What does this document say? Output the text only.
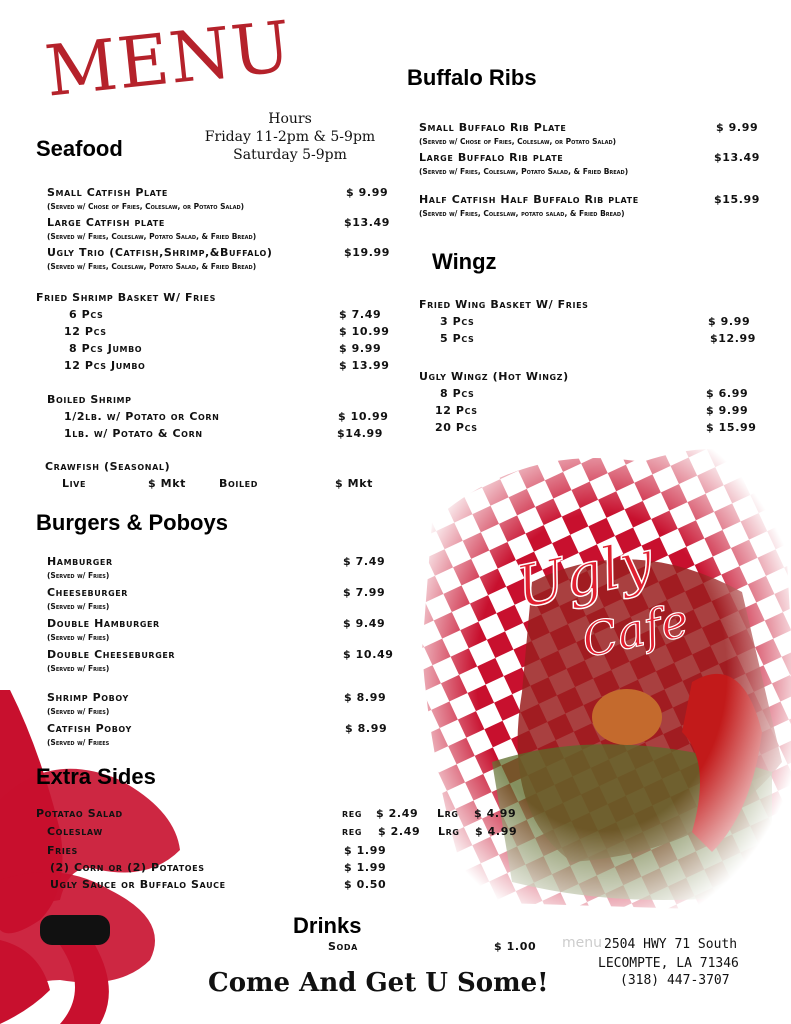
menu
MENU
Hours
Friday 11-2pm & 5-9pm
Saturday 5-9pm
Seafood
Small Catfish Plate	$ 9.99
(Served w/ Chose of Fries, Coleslaw, or Potato Salad)
Large Catfish plate	$13.49
(Served w/ Fries, Coleslaw, Potato Salad, & Fried Bread)
Ugly Trio (Catfish,Shrimp,&Buffalo)	$19.99
(Served w/ Fries, Coleslaw, Potato Salad, & Fried Bread)
Fried Shrimp Basket W/ Fries
6 Pcs	$ 7.49
12 Pcs	$ 10.99
8 Pcs Jumbo	$ 9.99
12 Pcs Jumbo	$ 13.99
Boiled Shrimp
1/2lb. w/ Potato or Corn	$ 10.99
1lb. w/ Potato & Corn	$14.99
Crawfish (Seasonal)
Live	$ Mkt	Boiled	$ Mkt
Burgers & Poboys
Hamburger	$ 7.49
(Served w/ Fries)
Cheeseburger	$ 7.99
(Served w/ Fries)
Double Hamburger	$ 9.49
(Served w/ Fries)
Double Cheeseburger	$ 10.49
(Served w/ Fries)
Shrimp Poboy	$ 8.99
(Served w/ Fries)
Catfish Poboy	$ 8.99
(Served w/ Friees
Extra Sides
Potatao Salad	reg $ 2.49 Lrg $ 4.99
Coleslaw	reg $ 2.49 Lrg $ 4.99
Fries	$ 1.99
(2) Corn or (2) Potatoes	$ 1.99
Ugly Sauce or Buffalo Sauce	$ 0.50
Drinks
Soda	$ 1.00
Buffalo Ribs
Small Buffalo Rib Plate	$ 9.99
(Served w/ Chose of Fries, Coleslaw, or Potato Salad)
Large Buffalo Rib plate	$13.49
(Served w/ Fries, Coleslaw, Potato Salad, & Fried Bread)
Half Catfish Half Buffalo Rib plate	$15.99
(Served w/ Fries, Coleslaw, potato salad, & Fried Bread)
Wingz
Fried Wing Basket W/ Fries
3 Pcs	$ 9.99
5 Pcs	$12.99
Ugly Wingz (Hot Wingz)
8 Pcs	$ 6.99
12 Pcs	$ 9.99
20 Pcs	$ 15.99
Come And Get U Some!
2504 HWY 71 South
LECOMPTE, LA 71346
(318) 447-3707
